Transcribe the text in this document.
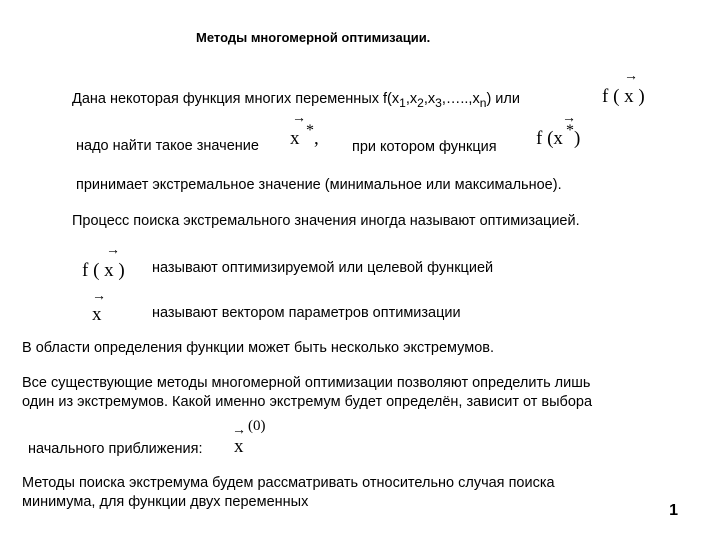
Методы многомерной оптимизации.
Дана некоторая функция многих переменных $f(x_1,x_2,x_3,\dots..,x_n)$ или
→
f ( x )
надо найти такое значение
→
x * , при котором функция
→
f (x * )
принимает экстремальное значение (минимальное или максимальное).
Процесс поиска экстремального значения иногда называют оптимизацией.
→
f ( x ) называют оптимизируемой или целевой функцией
→
x	называют вектором параметров оптимизации
В области определения функции может быть несколько экстремумов.
Все существующие методы многомерной оптимизации позволяют определить лишь
один из экстремумов. Какой именно экстремум будет определён, зависит от выбора
начального приближения:
→ (0)
x
Методы поиска экстремума будем рассматривать относительно случая поиска
минимума, для функции двух переменных	1
